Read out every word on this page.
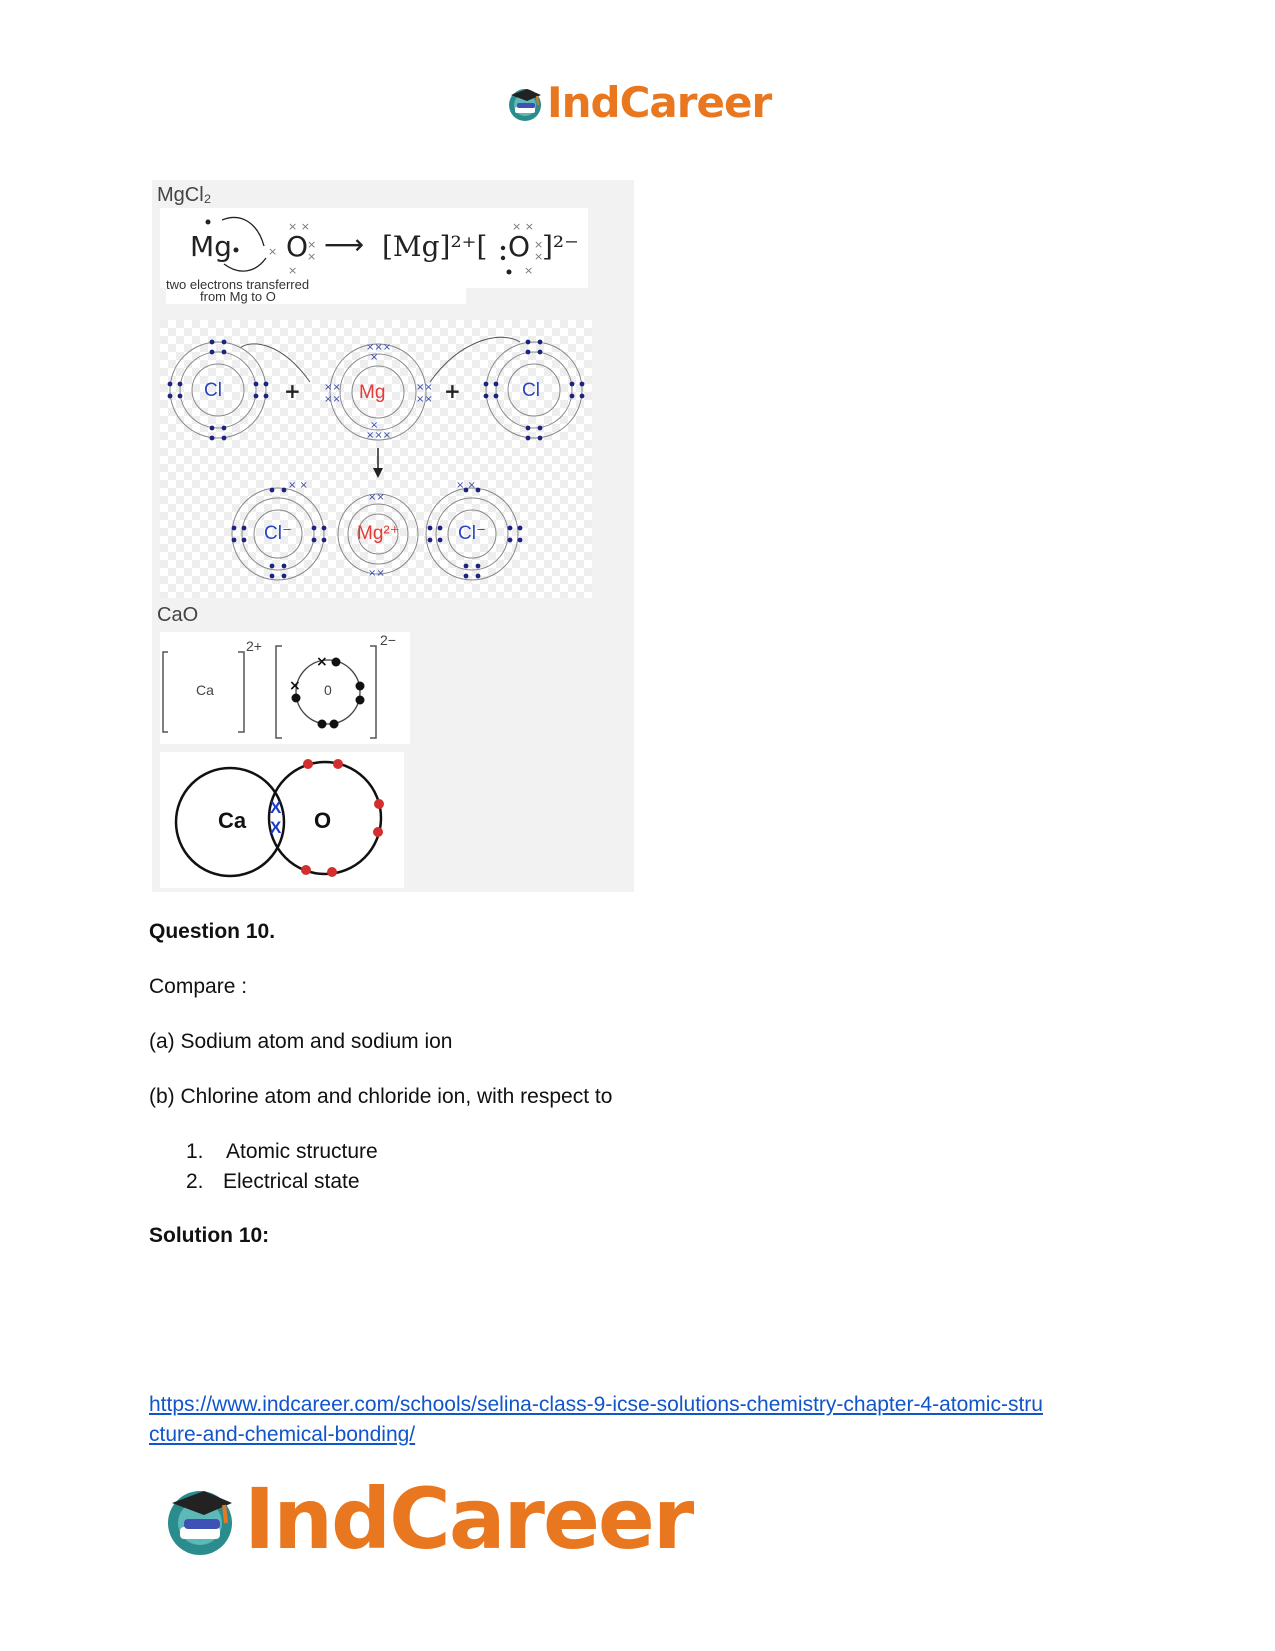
IndCareer
MgCl₂
× ×
×
×
×
×
× ×
×
×
×
Mg O ⟶ [Mg]²⁺[ O ]²⁻
two electrons transferred
from Mg to O
×××
×
×××
×
××
××
××
××
××
××
× ×	× ×
+	+
Cl	Mg	Cl
Cl⁻	Mg²⁺	Cl⁻
CaO
×
×
Ca	0
2+	2−
Ca	O
X
X
Question 10.
Compare :
(a) Sodium atom and sodium ion
(b) Chlorine atom and chloride ion, with respect to
1.	Atomic structure
2. Electrical state
Solution 10:
https://www.indcareer.com/schools/selina-class-9-icse-solutions-chemistry-chapter-4-atomic-stru
cture-and-chemical-bonding/
IndCareer
